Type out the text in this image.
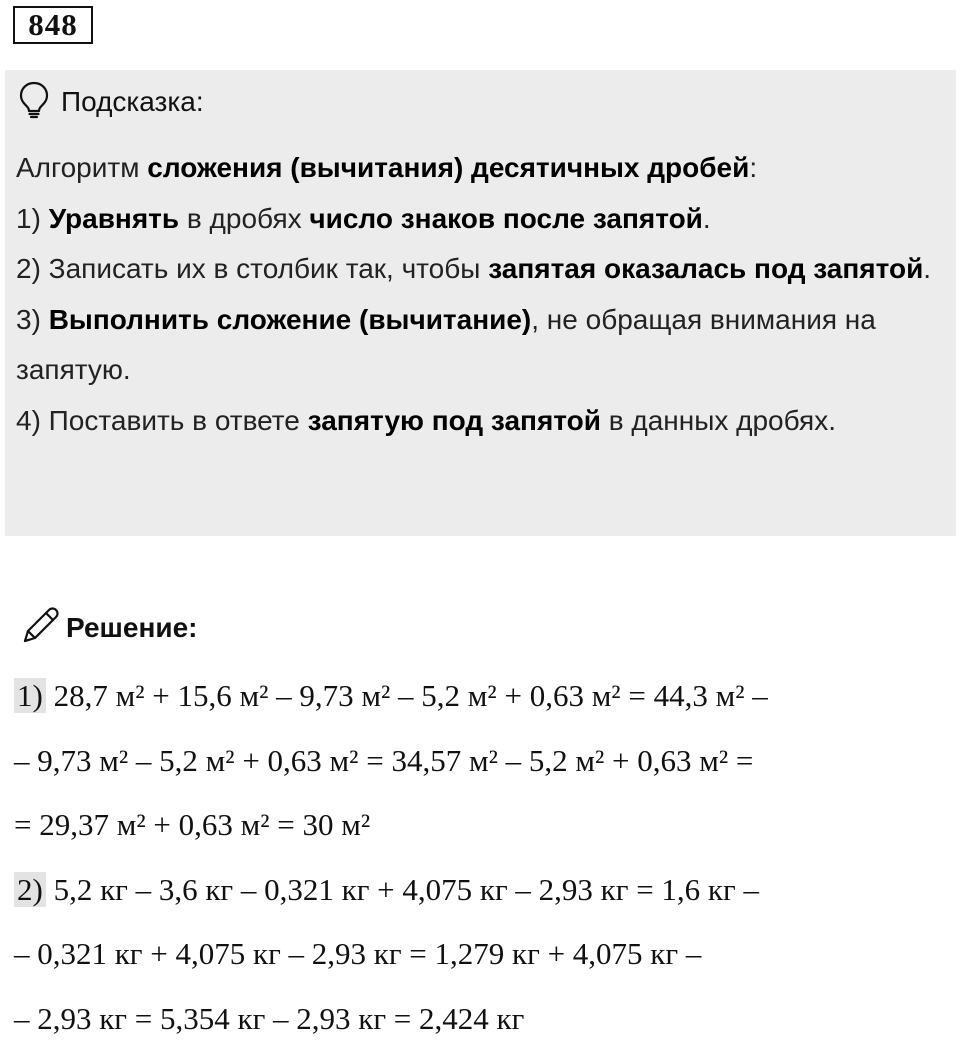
848
Подсказка:

Алгоритм сложения (вычитания) десятичных дробей:

1) Уравнять в дробях число знаков после запятой.

2) Записать их в столбик так, чтобы запятая оказалась под запятой.

3) Выполнить сложение (вычитание), не обращая внимания на запятую.

4) Поставить в ответе запятую под запятой в данных дробях.

Решение:
1) 28,7 м² + 15,6 м² – 9,73 м² – 5,2 м² + 0,63 м² = 44,3 м² –
– 9,73 м² – 5,2 м² + 0,63 м² = 34,57 м² – 5,2 м² + 0,63 м² =
= 29,37 м² + 0,63 м² = 30 м²
2) 5,2 кг – 3,6 кг – 0,321 кг + 4,075 кг – 2,93 кг = 1,6 кг –
– 0,321 кг + 4,075 кг – 2,93 кг = 1,279 кг + 4,075 кг –
– 2,93 кг = 5,354 кг – 2,93 кг = 2,424 кг
